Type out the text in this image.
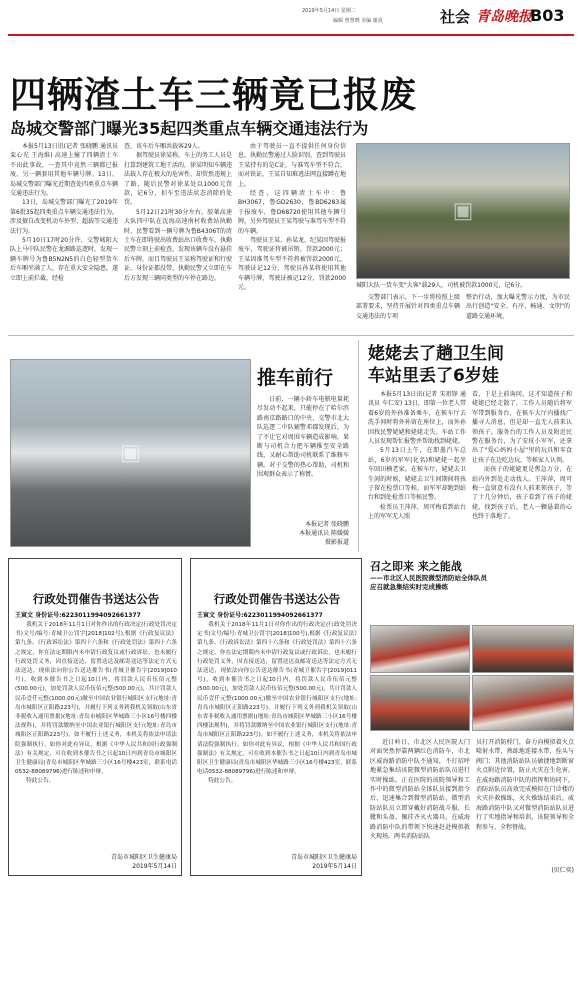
2019年5月14日 星期二
编辑 曾慧晓 美编 谢真	社会 青岛晚报
B03
四辆渣土车三辆竟已报废
岛城交警部门曝光35起四类重点车辆交通违法行为

本报5月13日讯(记者 张晓鹏 通讯员 栾心光 王海维) 高速上撞了四辆渣土车不出此事故，一查其中竟然三辆都已报废，另一辆套用其他车辆号牌。13日，岛城交警部门曝光近期查处四类重点车辆交通违法行为。

13日，岛城交警部门曝光了2019年第6批35起四类重点车辆交通违法行为，涉及擅自改变机动车外型、超载等交通违法行为。

5月10日17时20分许，交警城阳大队上马中队民警在龙源路巡逻时，发现一辆车牌号为鲁B5N2N5的白色轻型货车后车厢坐满了人，存在重大安全隐患，遂立即上前拦截，经检

查，该车后车厢共载客29人。

据驾驶员徐某称，车上的务工人员是打算到建筑工地干活的，徐某明知车辆违法载人存在极大的危害性，却贸然违规上了路，随后民警对徐某处以1000元罚款，记6分，扣车至违法状态消除的处罚。

5月12日21时30分左右，胶莱高速大队四中队在沈海高速南村收费站执勤时，民警看到一辆号牌为鲁B4306T的渣土车在即将驶出收费站出口收费车，执勤民警立刻上前检查，发现该辆车没有悬挂后车牌，而且驾驶员王某称驾驶证和行驶证、身份证都没带，执勤民警又立即在车后方发现三辆同类型的车停在路边。

由于驾驶员一直不提供任何身份信息，执勤民警通过人脸识别，查到驾驶员王某持有的是C证，与准驾车型不符合，而对铁证，王某自知难逃法网直接蹲在地上。

经查，这四辆渣土车中：鲁BH3067，鲁GD2630，鲁BD6283属于报废车，鲁D68720使用其他车辆号牌，另外驾驶员王某驾驶与准驾车型不符的车辆。

驾驶员王某、孙某龙，纪某因驾驶报废车，驾驶证将被吊销，罚款2000元；王某因准驾车型不符将被罚款2000元，驾驶证记12分，驾驶员孙某将使用其他车辆号牌，驾驶证被记12分，罚款2000元。

▣
城阳大队一货车变"大客"载29人，司机被罚款1000元，记6分。

交警部门表示，下一步将按照上级部署要求，坚持开展针对四类重点车辆交通违法的专项

整治行动，加大曝光警示力度，为市民出行创造"安全、有序、畅通、文明"的道路交通环境。

▣
推车前行

日前，一辆小轿车电瓶电量耗尽发动不起来，只能停在了哈尔滨路南京路路口的中央，交警市北大队巡逻二中队辅警邓郡发现后，为了不让它对周围车辆造成影响，果断与司机合力把车辆推至安全路线，又耐心帮助司机联系了维修车辆。对于交警的热心帮助，司机和围观群众表示了称赞。

本报记者 张晓鹏
本报通讯员 陈媛媛
摄影报道
姥姥去了趟卫生间
车站里丢了6岁娃

本报5月13日讯(记者 宋祖锋 通讯员 车仁安) 13日，即第一位老人带着6岁的外孙准备乘车，在候车厅去洗手间时将外孙留在座位上，而外孙因找民警姥姥和姥姥走失。车站工作人员发现帮忙报警并帮助找到姥姥。

5月13日上午，在即墨汽车总站，6岁的军军(化名)和姥姥一起坐车回田横老家。在候车厅，姥姥去卫生间的时候，姥姥去卫生间期间将孩子留在检票口等候，而军军却跑到站台和到处检票口等候民警。

检票员王萍萍，周可梅看到站台上的军军无人照

看，于是上前询问，这才知道孩子和姥姥已经走散了，工作人员随后将军军带到服务台，在候车大厅内播找广播寻人消息，但是却一直无人前来认领孩子。服务台的工作人员及附近民警在服务台，为了安抚小军军，还拿出了"爱心妈妈小屋"里的玩具和零食让孩子在边吃边玩，等候家人认领。

而孩子的姥姥更是焦急万分，在站内外到处走动找人。王萍萍，周可梅一直留意有没有人前来领孩子，等了十几分钟后，孩子看到了孩子的姥姥，找到孩子后，老人一颗悬着的心也终于落地了。

行政处罚催告书送达公告
王寅文 身份证号:6223011994092661377

我机关于2018年11月1日对你作出的行政决定(行政处罚决定书)文号/编号:青城卫公罚字[2018]102号),根据《行政复议法》第九条、《行政诉讼法》第四十六条和《行政处罚法》第四十六条之规定，你在法定期限内未申请行政复议或行政诉讼，也未履行行政处罚义务，因直接送达，留置送达及邮寄送达等法定方式无法送达，现依法向你公告送达催告书(青城卫催告字[2019]010号)。收到本催告书之日起10日内，将罚款人民币伍佰元整(500.00元)，加处罚款人民币伍佰元整(500.00元)，共计罚款人民币壹仟元整(1000.00元)缴至中国农业银行城阳区支行(地址:青岛市城阳区正阳路223号)，并履行下列义务到我机关领取(山东省非税收入通用票据)(地址:青岛市城阳区华城路三小区16号楼四楼法规科)，并将罚款缴纳至中国农业银行城阳区支行(地址:青岛市城阳区正阳路223号)。如不履行上述义务，本机关将依法申请法院强制执行。如你对此有异议，根据《中华人民共和国行政强制法》有关规定，可在收到本催告书之日起10日内到青岛市城阳区卫生健康局(青岛市城阳区华城路三小区16号楼423室，联系电话0532-88089796)进行陈述和申辩。

特此公告。

青岛市城阳区卫生健康局
2019年5月14日
行政处罚催告书送达公告
王寅文 身份证号:6223011994092661377

我机关于2018年11月1日对你作出的行政决定(行政处罚决定书)文号/编号:青城卫公罚字[2018]100号),根据《行政复议法》第九条、《行政诉讼法》第四十六条和《行政处罚法》第四十六条之规定，你在法定期限内未申请行政复议或行政诉讼，也未履行行政处罚义务，因直接送达，留置送达及邮寄送达等法定方式无法送达，现依法向你公告送达催告书(青城卫催告字[2019]011号)。收到本催告书之日起10日内，将罚款人民币伍佰元整(500.00元)，加处罚款人民币伍佰元整(500.00元)，共计罚款人民币壹仟元整(1000.00元)缴至中国农业银行城阳区支行(地址:青岛市城阳区正阳路223号)，并履行下列义务到我机关领取(山东省非税收入通用票据)(地址:青岛市城阳区华城路三小区16号楼四楼法规科)，并将罚款缴纳至中国农业银行城阳区支行(地址:青岛市城阳区正阳路223号)。如不履行上述义务，本机关将依法申请法院强制执行。如你对此有异议，根据《中华人民共和国行政强制法》有关规定，可在收到本催告书之日起10日内到青岛市城阳区卫生健康局(青岛市城阳区华城路三小区16号楼423室，联系电话0532-88089796)进行陈述和申辩。

特此公告。

青岛市城阳区卫生健康局
2019年5月14日
召之即来 来之能战
——市北区人民医院微型消防站全体队员
应召就急集结实时完成操练

近日岭日，市北区人民医院大门对面突然停靠两辆红色消防车，市北区威海路消防中队不通知，不打招呼地紧急集结该院微型消防站队员进行实时操练。正在医院的该院领导和工作中的微型消防站全体队员接到指令后，迅速集合到微型消防站，微型消防站队员立即穿戴好消防战斗服，长靴和头盔，佩挂齐灭火器具，在威海路消防中队的带领下快速赶赴模拟救火现场。两名消防站队

员打开消防栓门，奋力向模拟着火点喷射水带，熟练地连接水带，拴头与阀门；其他消防站队员敏捷地到断窗火点附近位置，防止火灾在生危害。在威海路消防中队的指挥和协同下，消防站队员高效完成模拟在门诊楼的火灾扑救操练，灭火操练结束后，威海路消防中队又对微型消防站队员进行了实地指导和培训，该院领导和全程参与，全程督战。

(贝仁奕)
